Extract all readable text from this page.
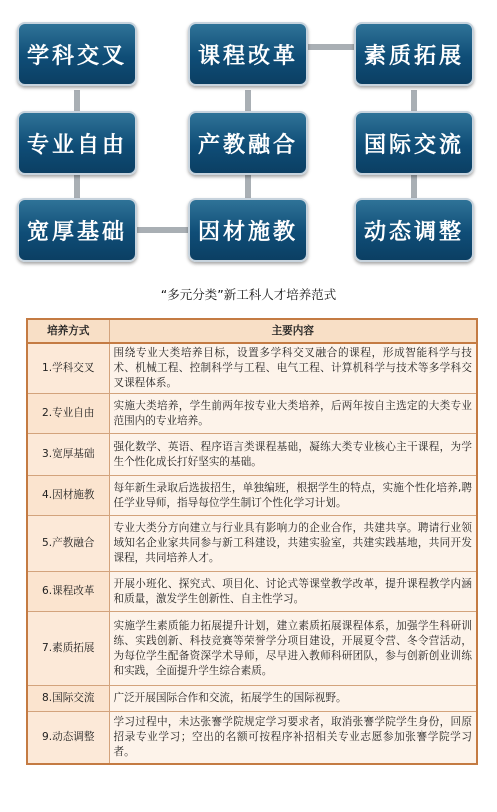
学科交叉	课程改革	素质拓展
专业自由	产教融合	国际交流
宽厚基础	因材施教	动态调整
“多元分类”新工科人才培养范式
培养方式	主要内容
1.学科交叉	围绕专业大类培养目标，设置多学科交叉融合的课程，形成智能科学与技术、机械工程、控制科学与工程、电气工程、计算机科学与技术等多学科交叉课程体系。
2.专业自由	实施大类培养，学生前两年按专业大类培养，后两年按自主选定的大类专业范围内的专业培养。
3.宽厚基础	强化数学、英语、程序语言类课程基础，凝练大类专业核心主干课程，为学生个性化成长打好坚实的基础。
4.因材施教	每年新生录取后选拔招生，单独编班，根据学生的特点，实施个性化培养,聘任学业导师，指导每位学生制订个性化学习计划。
5.产教融合	专业大类分方向建立与行业具有影响力的企业合作，共建共享。聘请行业领域知名企业家共同参与新工科建设，共建实验室，共建实践基地，共同开发课程，共同培养人才。
6.课程改革	开展小班化、探究式、项目化、讨论式等课堂教学改革，提升课程教学内涵和质量，激发学生创新性、自主性学习。
7.素质拓展	实施学生素质能力拓展提升计划，建立素质拓展课程体系，加强学生科研训练、实践创新、科技竞赛等荣誉学分项目建设，开展夏令营、冬令营活动，为每位学生配备资深学术导师，尽早进入教师科研团队，参与创新创业训练和实践，全面提升学生综合素质。
8.国际交流	广泛开展国际合作和交流，拓展学生的国际视野。
9.动态调整	学习过程中，未达张謇学院规定学习要求者，取消张謇学院学生身份，回原招录专业学习；空出的名额可按程序补招相关专业志愿参加张謇学院学习者。
